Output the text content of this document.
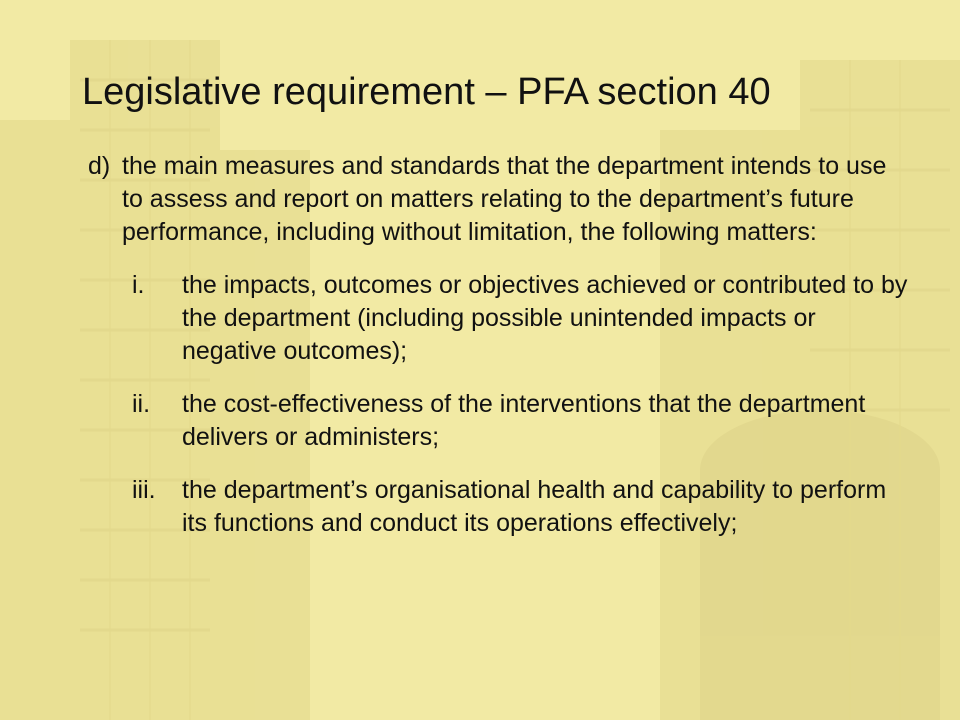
Legislative requirement – PFA section 40
d) the main measures and standards that the department intends to use to assess and report on matters relating to the department’s future performance, including without limitation, the following matters:
i. the impacts, outcomes or objectives achieved or contributed to by the department (including possible unintended impacts or negative outcomes);
ii. the cost-effectiveness of the interventions that the department delivers or administers;
iii. the department’s organisational health and capability to perform its functions and conduct its operations effectively;
